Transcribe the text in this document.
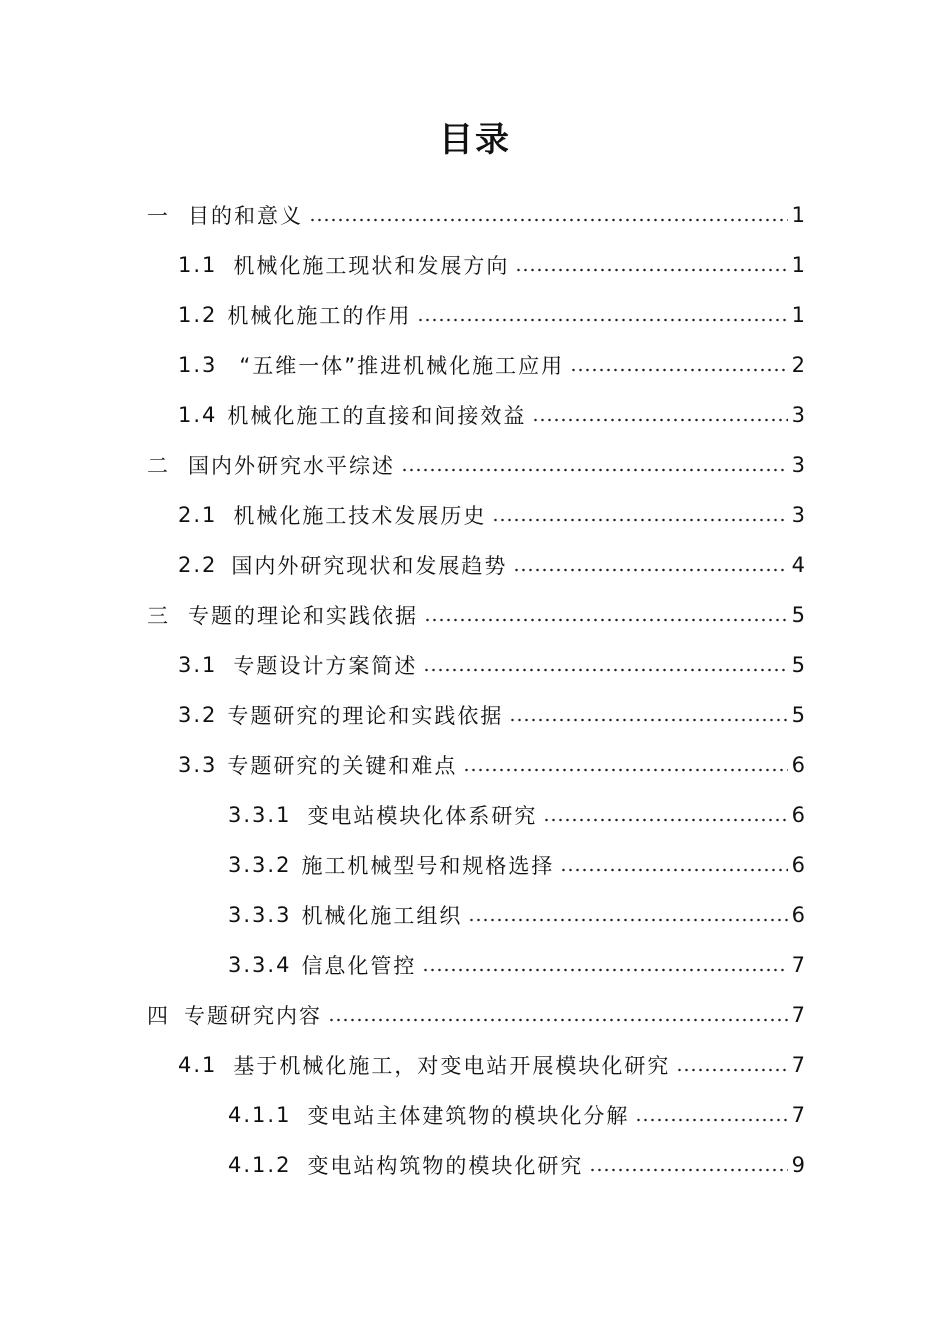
目录
一 目的和意义	1
1.1 机械化施工现状和发展方向	1
1.2 机械化施工的作用	1
1.3 “五维一体”推进机械化施工应用	2
1.4 机械化施工的直接和间接效益	3
二 国内外研究水平综述	3
2.1 机械化施工技术发展历史	3
2.2 国内外研究现状和发展趋势	4
三 专题的理论和实践依据	5
3.1 专题设计方案简述	5
3.2 专题研究的理论和实践依据	5
3.3 专题研究的关键和难点	6
3.3.1 变电站模块化体系研究	6
3.3.2 施工机械型号和规格选择	6
3.3.3 机械化施工组织	6
3.3.4 信息化管控	7
四 专题研究内容	7
4.1 基于机械化施工，对变电站开展模块化研究	7
4.1.1 变电站主体建筑物的模块化分解	7
4.1.2 变电站构筑物的模块化研究	9
